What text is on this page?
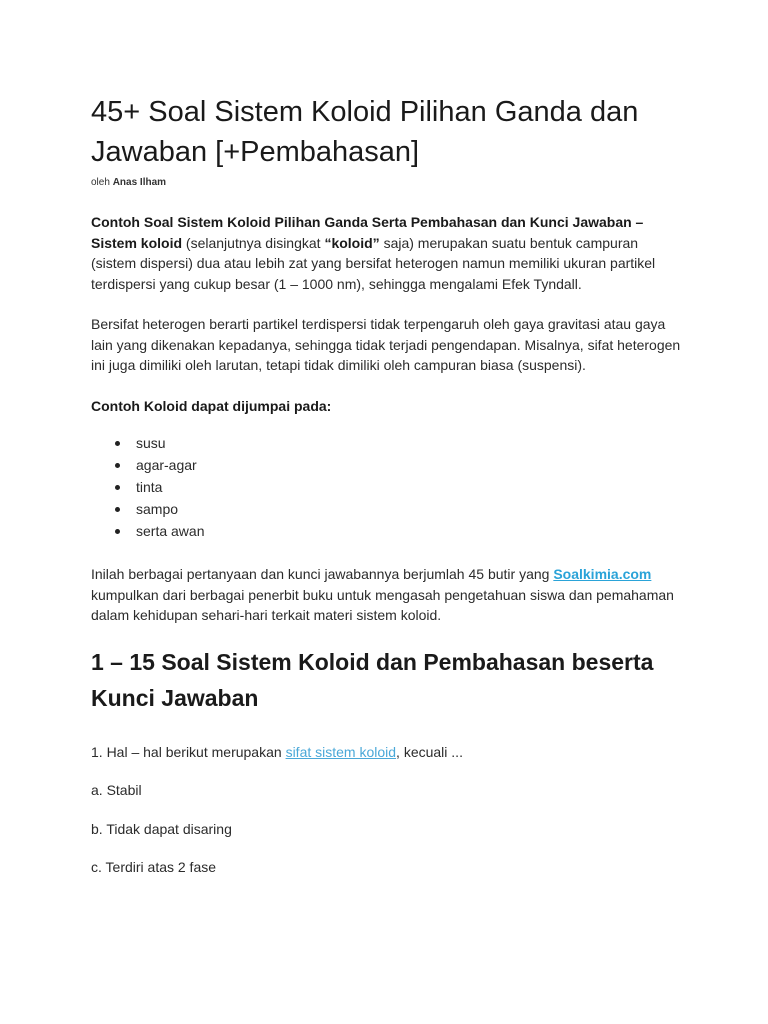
45+ Soal Sistem Koloid Pilihan Ganda dan Jawaban [+Pembahasan]
oleh Anas Ilham

Contoh Soal Sistem Koloid Pilihan Ganda Serta Pembahasan dan Kunci Jawaban – Sistem koloid (selanjutnya disingkat “koloid” saja) merupakan suatu bentuk campuran (sistem dispersi) dua atau lebih zat yang bersifat heterogen namun memiliki ukuran partikel terdispersi yang cukup besar (1 – 1000 nm), sehingga mengalami Efek Tyndall.

Bersifat heterogen berarti partikel terdispersi tidak terpengaruh oleh gaya gravitasi atau gaya lain yang dikenakan kepadanya, sehingga tidak terjadi pengendapan. Misalnya, sifat heterogen ini juga dimiliki oleh larutan, tetapi tidak dimiliki oleh campuran biasa (suspensi).

Contoh Koloid dapat dijumpai pada:

susu
agar-agar
tinta
sampo
serta awan

Inilah berbagai pertanyaan dan kunci jawabannya berjumlah 45 butir yang Soalkimia.com kumpulkan dari berbagai penerbit buku untuk mengasah pengetahuan siswa dan pemahaman dalam kehidupan sehari-hari terkait materi sistem koloid.

1 – 15 Soal Sistem Koloid dan Pembahasan beserta Kunci Jawaban

1. Hal – hal berikut merupakan sifat sistem koloid, kecuali ...

a. Stabil

b. Tidak dapat disaring

c. Terdiri atas 2 fase
